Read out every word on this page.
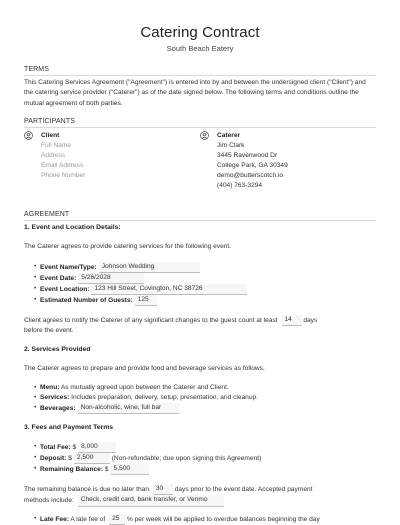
Catering Contract
South Beach Eatery
TERMS
This Catering Services Agreement ("Agreement") is entered into by and between the undersigned client ("Client") and the catering service provider ("Caterer") as of the date signed below. The following terms and conditions outline the mutual agreement of both parties.
PARTICIPANTS
Client
Full Name
Address
Email Address
Phone Number
Caterer
Jim Clark
3445 Ravenwood Dr
College Park, GA 30349
demo@butterscotch.io
(404) 763-3294
AGREEMENT
1. Event and Location Details:
The Caterer agrees to provide catering services for the following event.
• Event Name/Type: Johnson Wedding
• Event Date: 5/26/2028
• Event Location: 123 Hill Street, Covington, NC 38726
• Estimated Number of Guests: 125
Client agrees to notify the Caterer of any significant changes to the guest count at least 14 days
before the event.
2. Services Provided
The Caterer agrees to prepare and provide food and beverage services as follows.
• Menu: As mutually agreed upon between the Caterer and Client.
• Services: Includes preparation, delivery, setup, presentation, and cleanup.
• Beverages: Non-alcoholic, wine, full bar
3. Fees and Payment Terms
• Total Fee: $ 8,000
• Deposit: $ 2,500	(Non-refundable; due upon signing this Agreement)
• Remaining Balance: $ 5,500
The remaining balance is due no later than 30 days prior to the event date. Accepted payment
methods include: Check, credit card, bank transfer, or Venmo
• Late Fee: A late fee of 25 % per week will be applied to overdue balances beginning the day
